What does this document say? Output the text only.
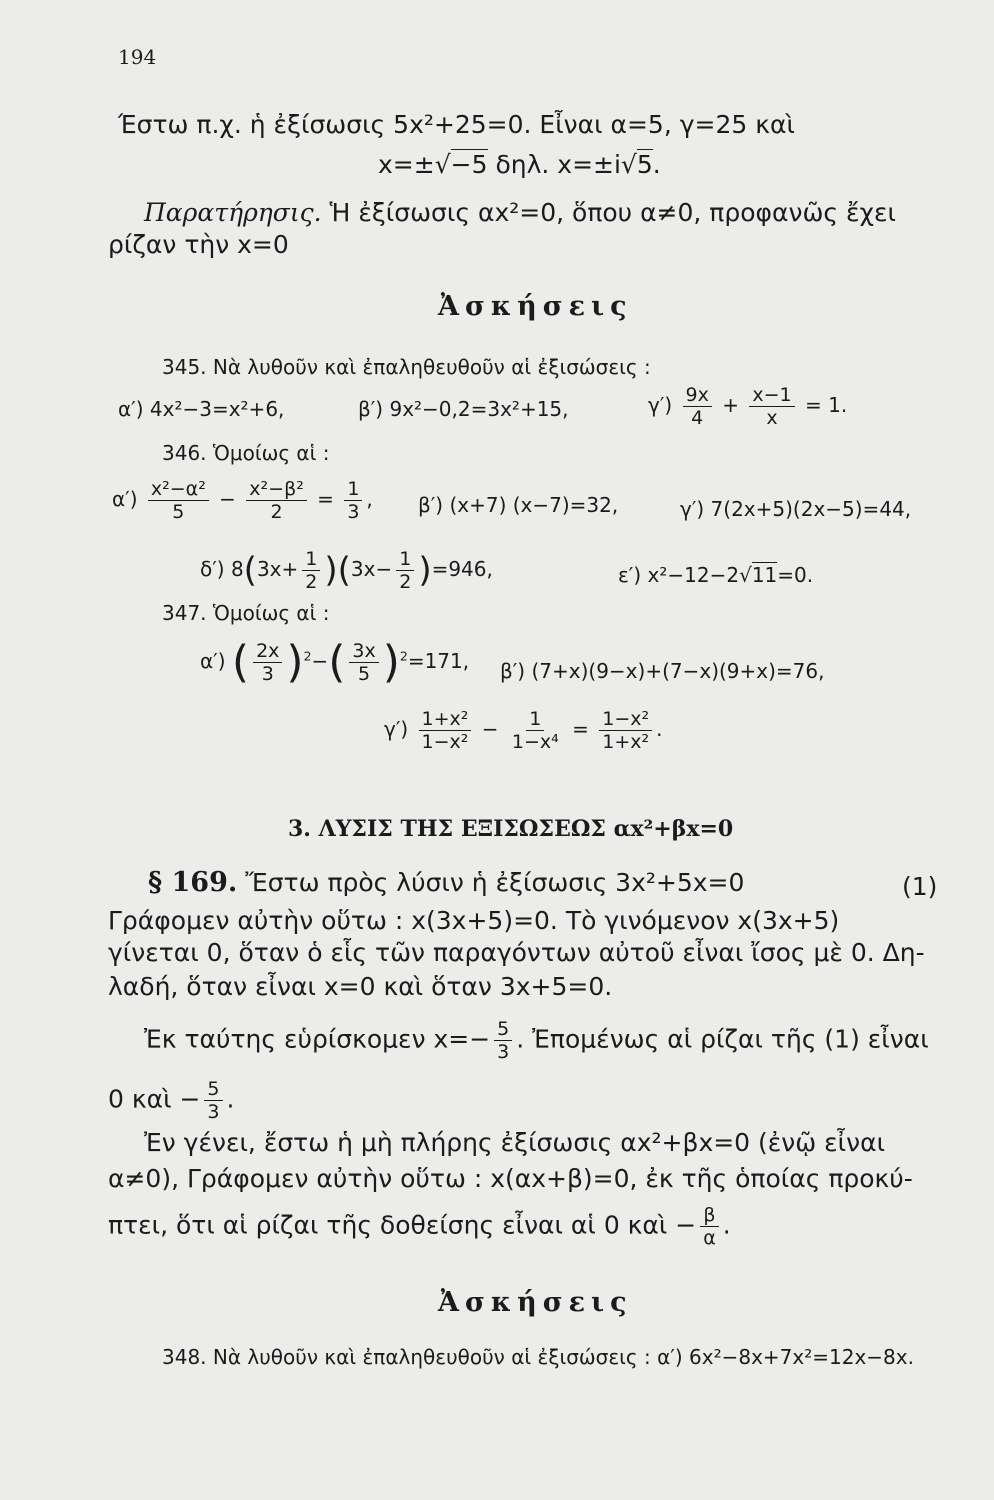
194
Έστω π.χ. ἡ ἐξίσωσις 5x²+25=0. Εἶναι α=5, γ=25 καὶ
x=±√−5 δηλ. x=±i√5.
Παρατήρησις. Ἡ ἐξίσωσις αx²=0, ὅπου α≠0, προφανῶς ἔχει
ρίζαν τὴν x=0
Ἀσκήσεις
345. Νὰ λυθοῦν καὶ ἐπαληθευθοῦν αἱ ἐξισώσεις :
α′) 4x²−3=x²+6,	β′) 9x²−0,2=3x²+15,	$\gamma') \frac{9x}{4} + \frac{x-1}{x} = 1$.
346. Ὁμοίως αἱ :
$\alpha') \frac{\text{x²−α²}}{5} - \frac{\text{x²−β²}}{2} = \frac{1}{3}$ , β′) (x+7) (x−7)=32,	γ′) 7(2x+5)(2x−5)=44,
δ′) $8(3x+ \frac{1}{2} )(3x- \frac{1}{2} )=946$,	ε′) x²−12−2√11=0.
347. Ὁμοίως αἱ :
α′) ( $\frac{2x}{3} )^2-( \frac{3x}{5} )^2=171$, β′) (7+x)(9−x)+(7−x)(9+x)=76,
$\gamma') \frac{\text{1+x²}}{\text{1−x²}} - \frac{1}{\text{1−x⁴}} = \frac{\text{1−x²}}{\text{1+x²}}$ .
3. ΛΥΣΙΣ ΤΗΣ ΕΞΙΣΩΣΕΩΣ αx²+βx=0
§ 169. Ἔστω πρὸς λύσιν ἡ ἐξίσωσις 3x²+5x=0	(1)
Γράφομεν αὐτὴν οὕτω : x(3x+5)=0. Τὸ γινόμενον x(3x+5)
γίνεται 0, ὅταν ὁ εἷς τῶν παραγόντων αὐτοῦ εἶναι ἴσος μὲ 0. Δη-
λαδή, ὅταν εἶναι x=0 καὶ ὅταν 3x+5=0.
Ἐκ ταύτης εὑρίσκομεν $x=- \frac{5}{3}$ . Ἐπομένως αἱ ρίζαι τῆς (1) εἶναι
0 καὶ − $\frac{5}{3}$ .
Ἐν γένει, ἔστω ἡ μὴ πλήρης ἐξίσωσις αx²+βx=0 (ἐνῷ εἶναι
α≠0), Γράφομεν αὐτὴν οὕτω : x(αx+β)=0, ἐκ τῆς ὁποίας προκύ-
πτει, ὅτι αἱ ρίζαι τῆς δοθείσης εἶναι αἱ 0 καὶ − $\frac{\beta}{\alpha}$ .
Ἀσκήσεις
348. Νὰ λυθοῦν καὶ ἐπαληθευθοῦν αἱ ἐξισώσεις : α′) 6x²−8x+7x²=12x−8x.
